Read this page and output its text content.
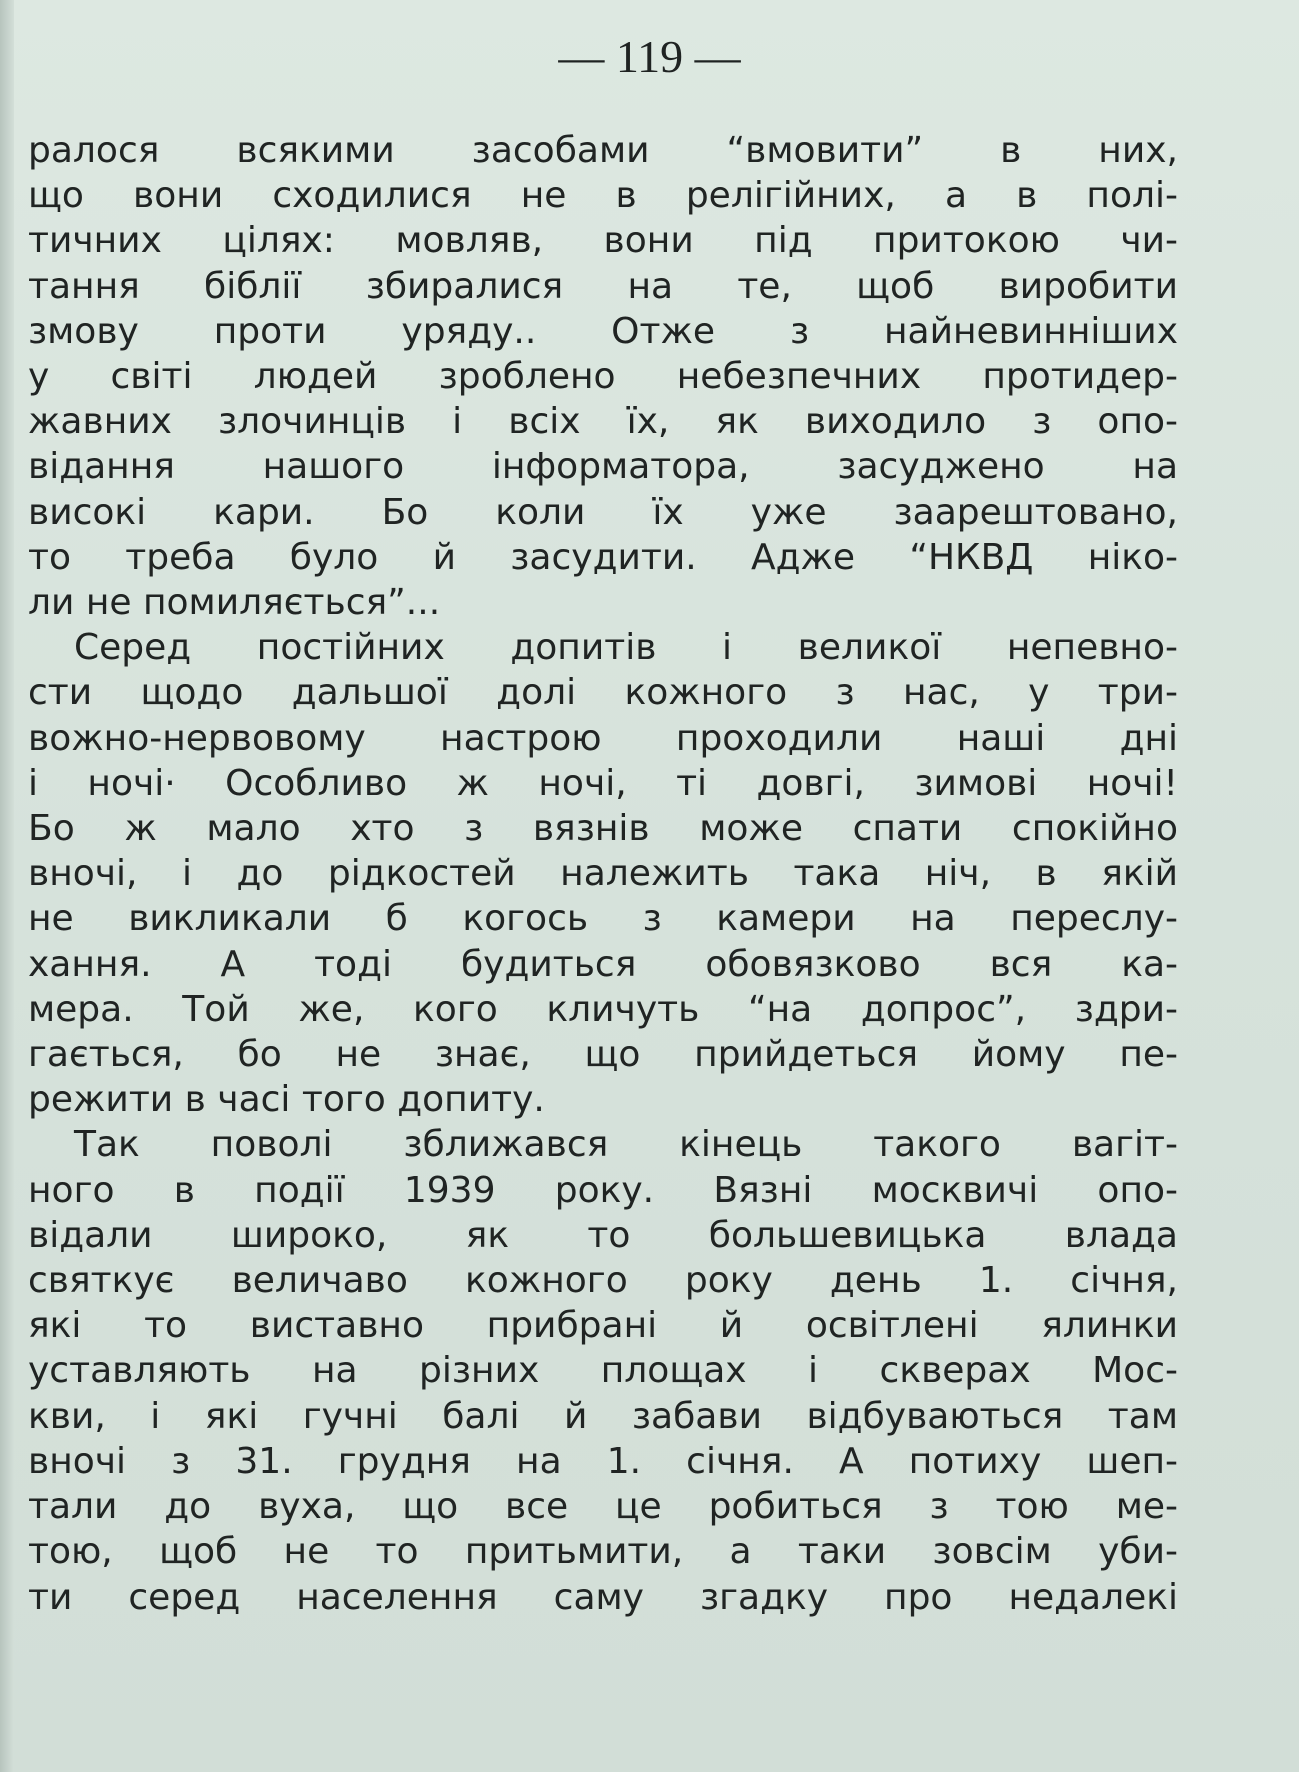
— 119 —
ралося всякими засобами “вмовити” в них,
що вони сходилися не в релігійних, а в полі-
тичних цілях: мовляв, вони під притокою чи-
тання біблії збиралися на те, щоб виробити
змову проти уряду.. Отже з найневинніших
у світі людей зроблено небезпечних протидер-
жавних злочинців і всіх їх, як виходило з опо-
відання нашого інформатора, засуджено на
високі кари. Бо коли їх уже заарештовано,
то треба було й засудити. Адже “НКВД ніко-
ли не помиляється”...
Серед постійних допитів і великої непевно-
сти щодо дальшої долі кожного з нас, у три-
вожно-нервовому настрою проходили наші дні
і ночі· Особливо ж ночі, ті довгі, зимові ночі!
Бо ж мало хто з вязнів може спати спокійно
вночі, і до рідкостей належить така ніч, в якій
не викликали б когось з камери на переслу-
хання. А тоді будиться обовязково вся ка-
мера. Той же, кого кличуть “на допрос”, здри-
гається, бо не знає, що прийдеться йому пе-
режити в часі того допиту.
Так поволі зближався кінець такого вагіт-
ного в події 1939 року. Вязні москвичі опо-
відали широко, як то большевицька влада
святкує величаво кожного року день 1. січня,
які то виставно прибрані й освітлені ялинки
уставляють на різних площах і скверах Мос-
кви, і які гучні балі й забави відбуваються там
вночі з 31. грудня на 1. січня. А потиху шеп-
тали до вуха, що все це робиться з тою ме-
тою, щоб не то притьмити, а таки зовсім уби-
ти серед населення саму згадку про недалекі
